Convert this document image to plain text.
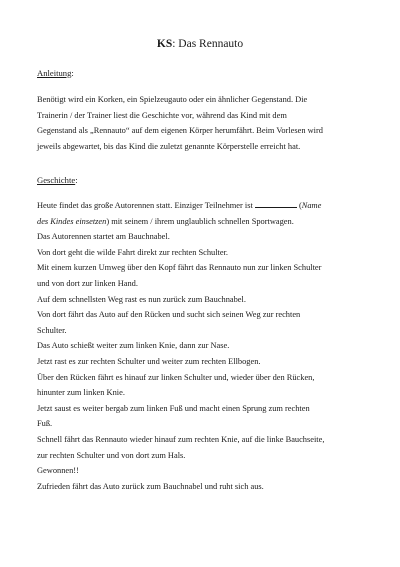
KS: Das Rennauto
Anleitung:

Benötigt wird ein Korken, ein Spielzeugauto oder ein ähnlicher Gegenstand. Die

Trainerin / der Trainer liest die Geschichte vor, während das Kind mit dem

Gegenstand als „Rennauto“ auf dem eigenen Körper herumfährt. Beim Vorlesen wird

jeweils abgewartet, bis das Kind die zuletzt genannte Körperstelle erreicht hat.

Geschichte:

Heute findet das große Autorennen statt. Einziger Teilnehmer ist	(Name

des Kindes einsetzen) mit seinem / ihrem unglaublich schnellen Sportwagen.

Das Autorennen startet am Bauchnabel.

Von dort geht die wilde Fahrt direkt zur rechten Schulter.

Mit einem kurzen Umweg über den Kopf fährt das Rennauto nun zur linken Schulter

und von dort zur linken Hand.

Auf dem schnellsten Weg rast es nun zurück zum Bauchnabel.

Von dort fährt das Auto auf den Rücken und sucht sich seinen Weg zur rechten

Schulter.

Das Auto schießt weiter zum linken Knie, dann zur Nase.

Jetzt rast es zur rechten Schulter und weiter zum rechten Ellbogen.

Über den Rücken fährt es hinauf zur linken Schulter und, wieder über den Rücken,

hinunter zum linken Knie.

Jetzt saust es weiter bergab zum linken Fuß und macht einen Sprung zum rechten

Fuß.

Schnell fährt das Rennauto wieder hinauf zum rechten Knie, auf die linke Bauchseite,

zur rechten Schulter und von dort zum Hals.

Gewonnen!!

Zufrieden fährt das Auto zurück zum Bauchnabel und ruht sich aus.
